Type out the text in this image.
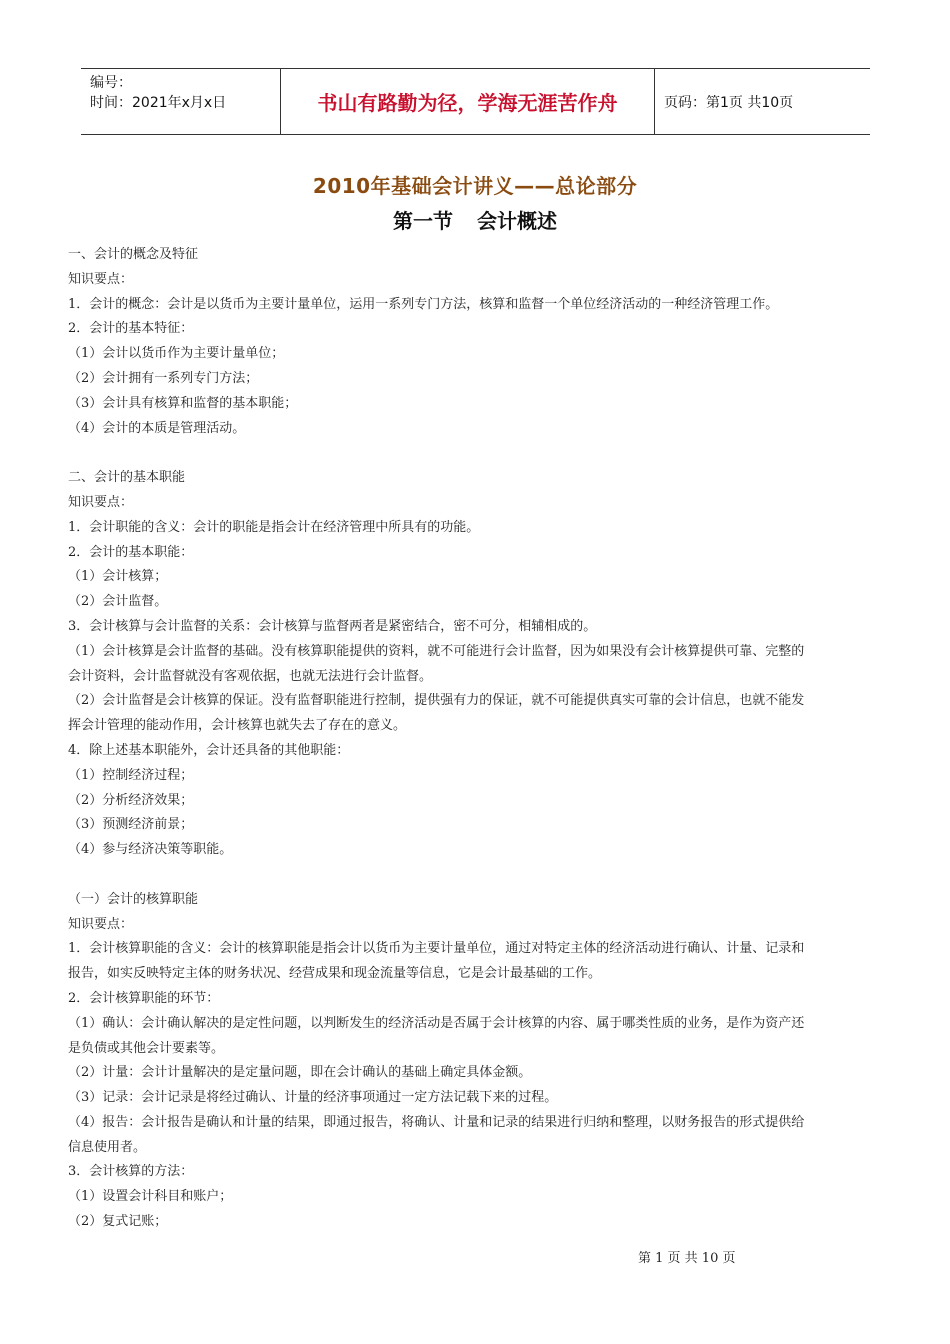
编号：
时间：2021年x月x日	书山有路勤为径，学海无涯苦作舟	页码：第1页 共10页
2010年基础会计讲义——总论部分
第一节 会计概述
一、会计的概念及特征
知识要点：
1．会计的概念：会计是以货币为主要计量单位，运用一系列专门方法，核算和监督一个单位经济活动的一种经济管理工作。
2．会计的基本特征：
（1）会计以货币作为主要计量单位；
（2）会计拥有一系列专门方法；
（3）会计具有核算和监督的基本职能；
（4）会计的本质是管理活动。
二、会计的基本职能
知识要点：
1．会计职能的含义：会计的职能是指会计在经济管理中所具有的功能。
2．会计的基本职能：
（1）会计核算；
（2）会计监督。
3．会计核算与会计监督的关系：会计核算与监督两者是紧密结合，密不可分，相辅相成的。
（1）会计核算是会计监督的基础。没有核算职能提供的资料，就不可能进行会计监督，因为如果没有会计核算提供可靠、完整的
会计资料，会计监督就没有客观依据，也就无法进行会计监督。
（2）会计监督是会计核算的保证。没有监督职能进行控制，提供强有力的保证，就不可能提供真实可靠的会计信息，也就不能发
挥会计管理的能动作用，会计核算也就失去了存在的意义。
4．除上述基本职能外，会计还具备的其他职能：
（1）控制经济过程；
（2）分析经济效果；
（3）预测经济前景；
（4）参与经济决策等职能。
（一）会计的核算职能
知识要点：
1．会计核算职能的含义：会计的核算职能是指会计以货币为主要计量单位，通过对特定主体的经济活动进行确认、计量、记录和
报告，如实反映特定主体的财务状况、经营成果和现金流量等信息，它是会计最基础的工作。
2．会计核算职能的环节：
（1）确认：会计确认解决的是定性问题，以判断发生的经济活动是否属于会计核算的内容、属于哪类性质的业务，是作为资产还
是负债或其他会计要素等。
（2）计量：会计计量解决的是定量问题，即在会计确认的基础上确定具体金额。
（3）记录：会计记录是将经过确认、计量的经济事项通过一定方法记载下来的过程。
（4）报告：会计报告是确认和计量的结果，即通过报告，将确认、计量和记录的结果进行归纳和整理，以财务报告的形式提供给
信息使用者。
3．会计核算的方法：
（1）设置会计科目和账户；
（2）复式记账；
第 1 页 共 10 页
